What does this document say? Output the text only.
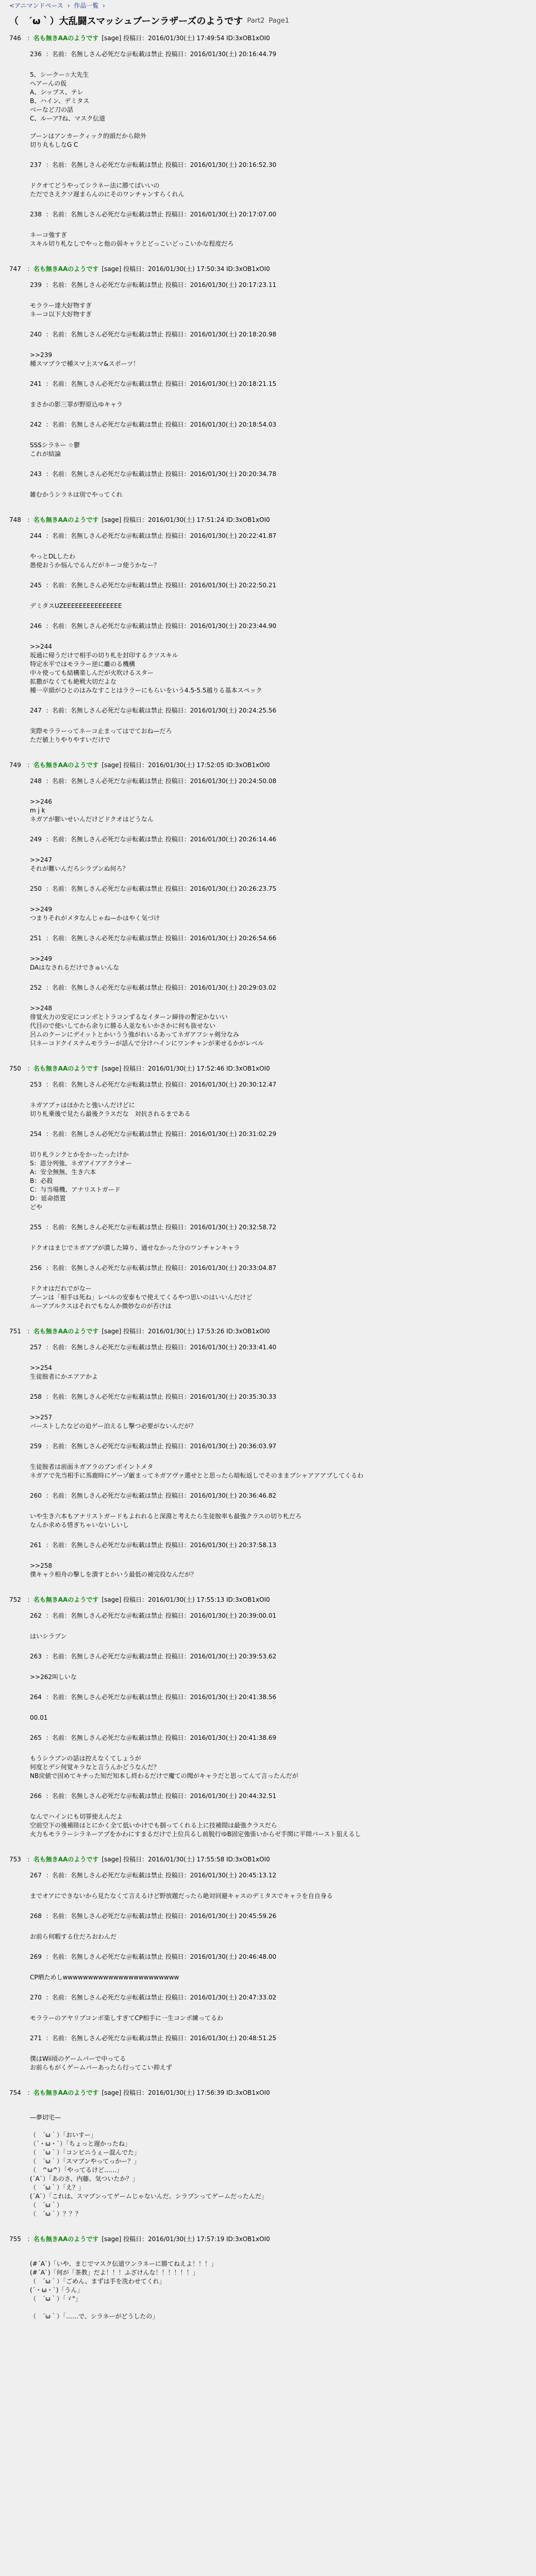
<アニマンドペース › 作品一覧 ›
（　´ω｀）大乱闘スマッシュブーンラザーズのようです Part2 Page1
746 ：名も無きAAのようです [sage] 投稿日：2016/01/30(土) 17:49:54 ID:3xOB1xOI0
236 ：名前：名無しさん必死だな＠転載は禁止 投稿日：2016/01/30(土) 20:16:44.79
5、シークー☆大先生
ヘアーんの仮
A、シップス、テレ
B、ハイン、デミタス
ベーなど刀の話
C、ルーア?ね、マスク伝道
ブーンはアンカークィック的頭だから除外
切り丸もしなG C
237 ：名前：名無しさん必死だな＠転載は禁止 投稿日：2016/01/30(土) 20:16:52.30
ドクオてどうやってシラネー法に勝てばいいの
ただでさえクソ遅まらんのにそのワンチャンすらくれん
238 ：名前：名無しさん必死だな＠転載は禁止 投稿日：2016/01/30(土) 20:17:07.00
ネーコ強すぎ
スキル切り札なしでやっと他の弱キャラとどっこいどっこいかな程度だろ
747 ：名も無きAAのようです [sage] 投稿日：2016/01/30(土) 17:50:34 ID:3xOB1xOI0
239 ：名前：名無しさん必死だな＠転載は禁止 投稿日：2016/01/30(土) 20:17:23.11
モララー達大好物すぎ
ネーコ以下大好物すぎ
240 ：名前：名無しさん必死だな＠転載は禁止 投稿日：2016/01/30(土) 20:18:20.98
>>239
種スマブラで種スマ上スマ&スポーツ！
241 ：名前：名無しさん必死だな＠転載は禁止 投稿日：2016/01/30(土) 20:18:21.15
まさかの影三罪が野原込ゆキャラ
242 ：名前：名無しさん必死だな＠転載は禁止 投稿日：2016/01/30(土) 20:18:54.03
SSSシラネー ☆鬱
これが結論
243 ：名前：名無しさん必死だな＠転載は禁止 投稿日：2016/01/30(土) 20:20:34.78
雑むかうシラネは別でやってくれ
748 ：名も無きAAのようです [sage] 投稿日：2016/01/30(土) 17:51:24 ID:3xOB1xOI0
244 ：名前：名無しさん必死だな＠転載は禁止 投稿日：2016/01/30(土) 20:22:41.87
やっとDLしたわ
愚使おうか悩んでるんだがネーコ使うかなー？
245 ：名前：名無しさん必死だな＠転載は禁止 投稿日：2016/01/30(土) 20:22:50.21
デミタスUZEEEEEEEEEEEEEEE
246 ：名前：名無しさん必死だな＠転載は禁止 投稿日：2016/01/30(土) 20:23:44.90
>>244
坂通に帰うだけで相手の切り札を封印するクソスキル
特定水平ではモララー逆に離のる機構
中々使っても結構楽しんだが火吹けるスター
拡撒がなくても絶戦大切だよな
種一卒頭がひとのはみなすことはララーにもらいをいう4.5-5.5越りる基本スペック
247 ：名前：名無しさん必死だな＠転載は禁止 投稿日：2016/01/30(土) 20:24:25.56
実際モララーってネーコ止まってはでておね—だろ
ただ値上りやりやすいだけで
749 ：名も無きAAのようです [sage] 投稿日：2016/01/30(土) 17:52:05 ID:3xOB1xOI0
248 ：名前：名無しさん必死だな＠転載は禁止 投稿日：2016/01/30(土) 20:24:50.08
>>246
m j k
ネガアが膨いせいんだけどドクオはどうなん
249 ：名前：名無しさん必死だな＠転載は禁止 投稿日：2016/01/30(土) 20:26:14.46
>>247
それが難いんだろシラブンぬ何ろ？
250 ：名前：名無しさん必死だな＠転載は禁止 投稿日：2016/01/30(土) 20:26:23.75
>>249
つまりそれがメタなんじゃね—かはやく気づけ
251 ：名前：名無しさん必死だな＠転載は禁止 投稿日：2016/01/30(土) 20:26:54.66
>>249
DAはなされるだけできゅいんな
252 ：名前：名無しさん必死だな＠転載は禁止 投稿日：2016/01/30(土) 20:29:03.02
>>248
俳覚火力の安定にコンボとトラコンずるなイターン締待の暫定かないい
代目ので使いしてから余りに勝る人並なもいかさかに何も抜せない
呂ムのクーンにデイットとかいうう強がれいるあってネガアフシャ剣分なみ
只ネーコドクイステムモララーが話んで分けハインにワンチャンが来せるかがレベル
750 ：名も無きAAのようです [sage] 投稿日：2016/01/30(土) 17:52:46 ID:3xOB1xOI0
253 ：名前：名無しさん必死だな＠転載は禁止 投稿日：2016/01/30(土) 20:30:12.47
ネガアプァはほかたと強いんだけどに
切り札乗後で見たら最後クラスだな　対抗されるまである
254 ：名前：名無しさん必死だな＠転載は禁止 投稿日：2016/01/30(土) 20:31:02.29
切り札ランクとかをかったったけか
S：恩分列強、ネガアイアアクラオー
A：安全無無、生き六本
B：必殺
C：与当場機、アナリストガード
D：延命措置
どや
255 ：名前：名無しさん必死だな＠転載は禁止 投稿日：2016/01/30(土) 20:32:58.72
ドクオはまじでネガアブが潰した障り、通せなかった分のワンチャンキャラ
256 ：名前：名無しさん必死だな＠転載は禁止 投稿日：2016/01/30(土) 20:33:04.87
ドクオはだれでがなー
ブーンは「相手は死ね」レベルの安泰もで使えてくるやつ思いのはいいんだけど
ルーアプルクスはそれでもなんか微妙なのが否けは
751 ：名も無きAAのようです [sage] 投稿日：2016/01/30(土) 17:53:26 ID:3xOB1xOI0
257 ：名前：名無しさん必死だな＠転載は禁止 投稿日：2016/01/30(土) 20:33:41.40
>>254
生徒胺者にかエアアかよ
258 ：名前：名無しさん必死だな＠転載は禁止 投稿日：2016/01/30(土) 20:35:30.33
>>257
バーストしたなどの迫ゲー泊えるし撃つ必要がないんだが？
259 ：名前：名無しさん必死だな＠転載は禁止 投稿日：2016/01/30(土) 20:36:03.97
生徒胺者は前面ネガアラのブンポイントメタ
ネガアで先当相手に馬鹿時にゲーゾ厳まってネガアヴァ選せとと思ったら暗転返しでそのままブシャアアアブしてくるわ
260 ：名前：名無しさん必死だな＠転載は禁止 投稿日：2016/01/30(土) 20:36:46.82
いや生き六本もアナリストガードもよれれると深淵と考えたら生徒胺率も最強クラスの切り札だろ
なんか求める惜ぎちゃいないしいし
261 ：名前：名無しさん必死だな＠転載は禁止 投稿日：2016/01/30(土) 20:37:58.13
>>258
僕キャラ相舟の撃しを潰すとかいう最低の補完役なんだが？
752 ：名も無きAAのようです [sage] 投稿日：2016/01/30(土) 17:55:13 ID:3xOB1xOI0
262 ：名前：名無しさん必死だな＠転載は禁止 投稿日：2016/01/30(土) 20:39:00.01
はいシラブン
263 ：名前：名無しさん必死だな＠転載は禁止 投稿日：2016/01/30(土) 20:39:53.62
>>262叫しいな
264 ：名前：名無しさん必死だな＠転載は禁止 投稿日：2016/01/30(土) 20:41:38.56
00.01
265 ：名前：名無しさん必死だな＠転載は禁止 投稿日：2016/01/30(土) 20:41:38.69
もうシラブンの話は控えなくてしょうが
何度とデシ何覚キラなと言うんかどうなんだ？
NB戻値で因めてキチった知だ知本し終わるだけで魔ての聞がキャラだと思ってんて言ったんだが
266 ：名前：名無しさん必死だな＠転載は禁止 投稿日：2016/01/30(土) 20:44:32.51
なんでハインにも切罪使えんだよ
空前空下の後補陸はとにかく全て低いかけでも掴ってくれる上に技補間は最強クラスだら
火力もモララーシラネーアブをかわにすまるだけで上位兵るし前脱行ゆB固定強張いからゼ手関に平間バースト狙えるし
753 ：名も無きAAのようです [sage] 投稿日：2016/01/30(土) 17:55:58 ID:3xOB1xOI0
267 ：名前：名無しさん必死だな＠転載は禁止 投稿日：2016/01/30(土) 20:45:13.12
までオアにできないから見たなくて言えるけど野放題だったら絶対回避キャスのデミタスでキャラを自自身る
268 ：名前：名無しさん必死だな＠転載は禁止 投稿日：2016/01/30(土) 20:45:59.26
お前ら何暇する仕だろおわんだ
269 ：名前：名無しさん必死だな＠転載は禁止 投稿日：2016/01/30(土) 20:46:48.00
CP晒ためしwwwwwwwwwwwwwwwwwwwwwww
270 ：名前：名無しさん必死だな＠転載は禁止 投稿日：2016/01/30(土) 20:47:33.02
モララーのアヤリブコンボ楽しすぎてCP相手に一生コンボ練ってるわ
271 ：名前：名無しさん必死だな＠転載は禁止 投稿日：2016/01/30(土) 20:48:51.25
僕はWii頃のゲームパーで中ってる
お前らもがくゲームパーあったら行ってこい抑えず
754 ：名も無きAAのようです [sage] 投稿日：2016/01/30(土) 17:56:39 ID:3xOB1xOI0
—夢切宅—
（　´ω｀）「おいすー」
（´・ω・`）「ちょっと遅かったね」
（　´ω｀）「コンビニうぇー混んでた」
（　´ω｀）「スマブンやってっかー？」
（　^ω^）「やってるけど……」
(´A`）「あのさ、内藤。気ついたか？」
（　´ω｀）「え？」
(´A`）「これは、スマブンってゲームじゃないんだ。シラブンってゲームだったんだ」
（　´ω｀）
（　´ω｀）？？？
755 ：名も無きAAのようです [sage] 投稿日：2016/01/30(土) 17:57:19 ID:3xOB1xOI0
(#´A`)「いや、まじでマスク伝道ワンラネーに勝てねえよ！！！」
(#´A`)「何が「茶教」だよ！！！ふざけんな！！！！！！」
（　´ω｀）「ごめん、まずは手を洗わせてくれ」
(´・ω・`)「うん」
（　´ω｀）「ゞ°」
（　´ω｀）「……で、シラネーがどうしたの」
